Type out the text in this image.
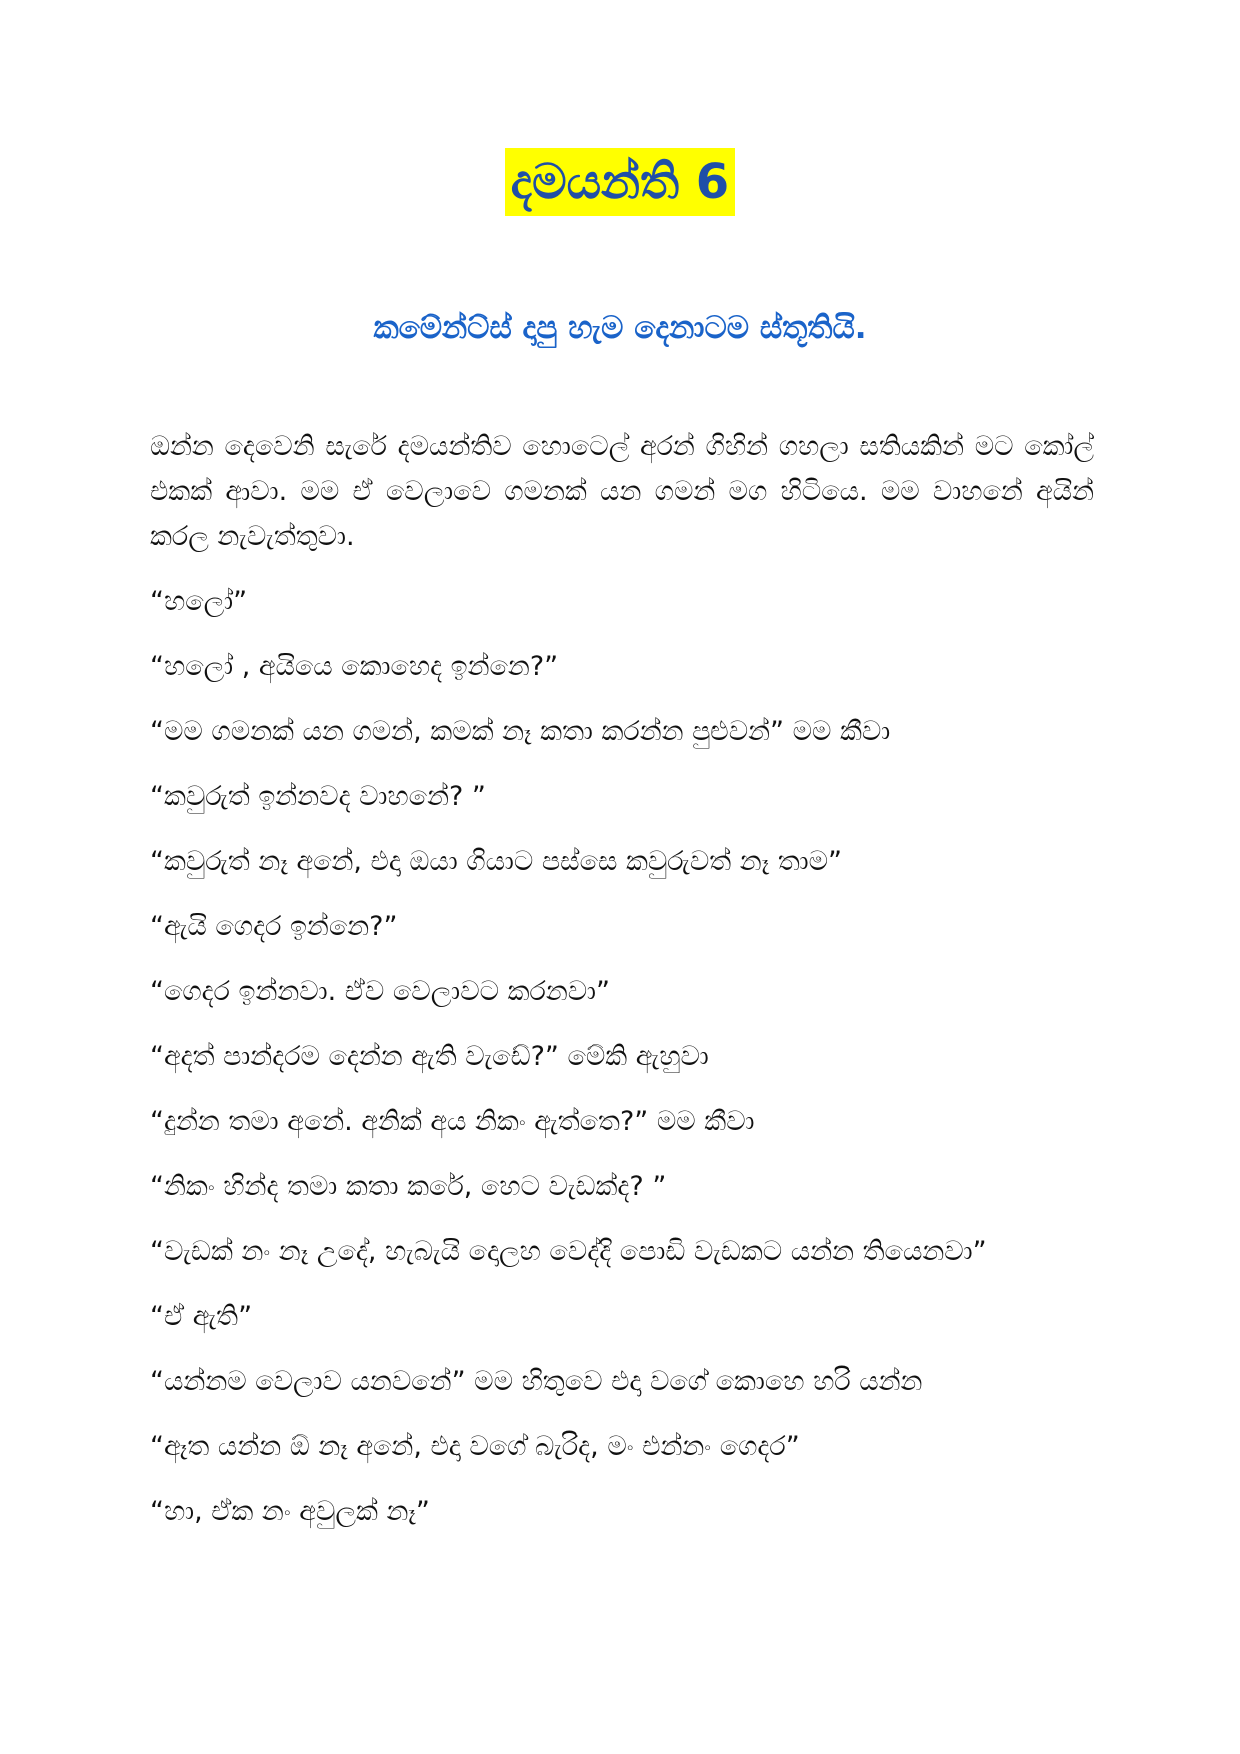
දමයන්ති 6
කමේන්ට්ස් දාපු හැම දෙනාටම ස්තූතියි.

ඔන්න දෙවෙනි සැරේ දමයන්තිව හොටෙල් අරන් ගිහින් ගහලා සතියකින් මට කෝල් එකක් ආවා. මම ඒ වෙලාවෙ ගමනක් යන ගමන් මග හිටියෙ. මම වාහනේ අයින් කරල නැවැත්තුවා.

“හලෝ”

“හලෝ , අයියෙ කොහෙද ඉන්නෙ?”

“මම ගමනක් යන ගමන්, කමක් නෑ කතා කරන්න පුළුවන්” මම කීවා

“කවුරුත් ඉන්නවද වාහනේ? ”

“කවුරුත් නෑ අනේ, එදා ඔයා ගියාට පස්සෙ කවුරුවත් නෑ තාම”

“ඇයි ගෙදර ඉන්නෙ?”

“ගෙදර ඉන්නවා. ඒව වෙලාවට කරනවා”

“අදත් පාන්දරම දෙන්න ඇති වැඩේ?” මේකි ඇහුවා

“දුන්න තමා අනේ. අනික් අය නිකං ඇත්තෙ?” මම කීවා

“නිකං හින්ද තමා කතා කරේ, හෙට වැඩක්ද? ”

“වැඩක් නං නෑ උදේ, හැබැයි දොලහ වෙද්දි පොඩි වැඩකට යන්න තියෙනවා”

“ඒ ඇති”

“යන්නම වෙලාව යනවනේ” මම හිතුවෙ එදා වගේ කොහෙ හරි යන්න

“ඈත යන්න ඕ නෑ අනේ, එදා වගේ බැරිද, මං එන්නං ගෙදර”

“හා, ඒක නං අවුලක් නෑ”
